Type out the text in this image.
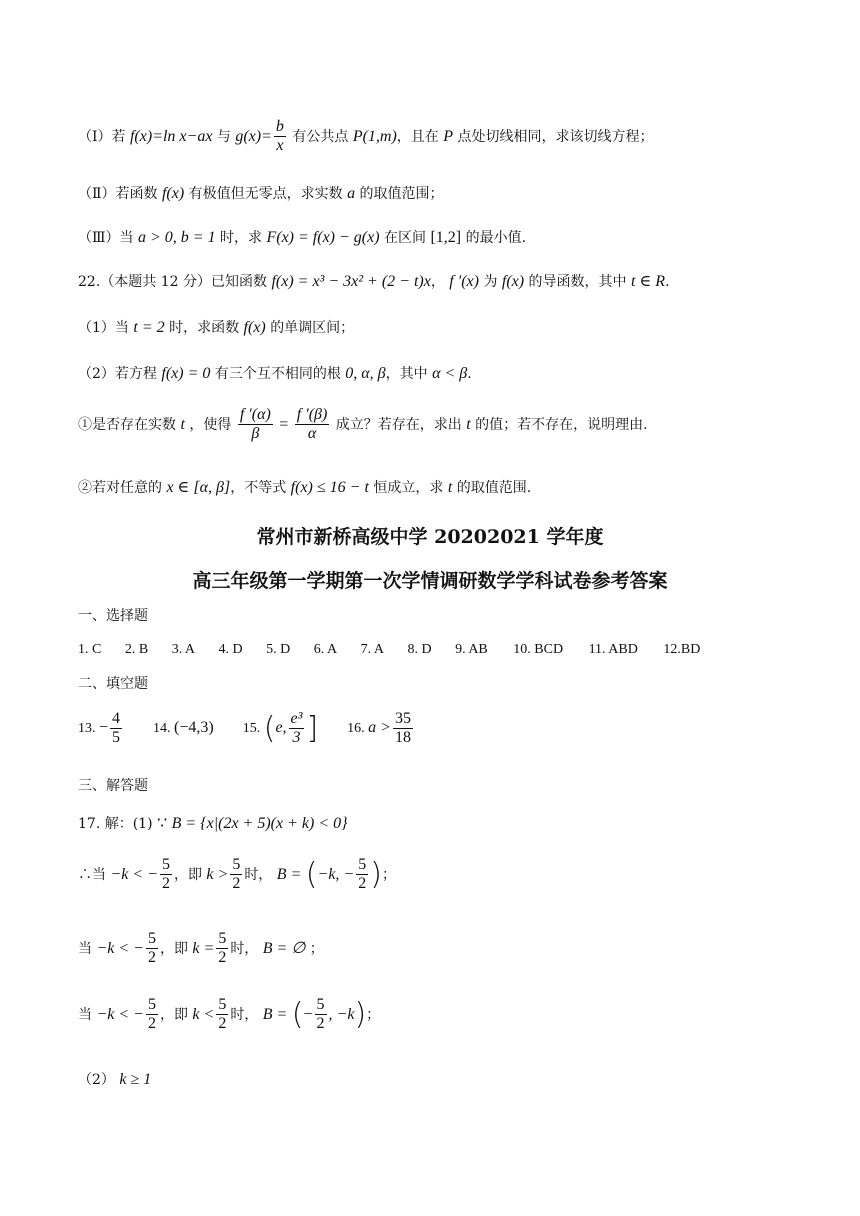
（Ⅰ）若 f(x)=ln x−ax 与 $g(x)= \frac{b}{x}$ 有公共点 P(1,m)，且在 P 点处切线相同，求该切线方程；
（Ⅱ）若函数 f(x) 有极值但无零点，求实数 a 的取值范围；
（Ⅲ）当 a > 0, b = 1 时，求 F(x) = f(x) − g(x) 在区间 [1,2] 的最小值.
22.（本题共 12 分）已知函数 f(x) = x³ − 3x² + (2 − t)x， f ′(x) 为 f(x) 的导函数，其中 t ∈ R.
（1）当 t = 2 时，求函数 f(x) 的单调区间；
（2）若方程 f(x) = 0 有三个互不相同的根 0, α, β，其中 α < β.
①是否存在实数 t ，使得 $\frac{f '(\alpha)}{\beta} = \frac{f '(\beta)}{\alpha}$ 成立？若存在，求出 t 的值；若不存在，说明理由.
②若对任意的 x ∈ [α, β]，不等式 f(x) ≤ 16 − t 恒成立，求 t 的取值范围.
常州市新桥高级中学 20202021 学年度
高三年级第一学期第一次学情调研数学学科试卷参考答案
一、选择题
1. C 2. B 3. A 4. D 5. D 6. A 7. A 8. D 9. AB 10. BCD 11. ABD 12.BD
二、填空题
13. − $\frac{4}{5} 14$. (−4,3) 15. (e, $\frac{\text{e³}}{3}$ ] 16. $a > \frac{35}{18}$
三、解答题
17. 解：(1) ∵ B = {x|(2x + 5)(x + k) < 0}
∴当 −k < − $\frac{5}{2}$ ，即 $k > \frac{5}{2}$ 时， B = (−k, − $\frac{5}{2}$ )；
当 −k < − $\frac{5}{2}$ ，即 $k = \frac{5}{2}$ 时， B = ∅ ；
当 −k < − $\frac{5}{2}$ ，即 $k < \frac{5}{2}$ 时， B = (− $\frac{5}{2}$ , −k)；
（2） k ≥ 1
